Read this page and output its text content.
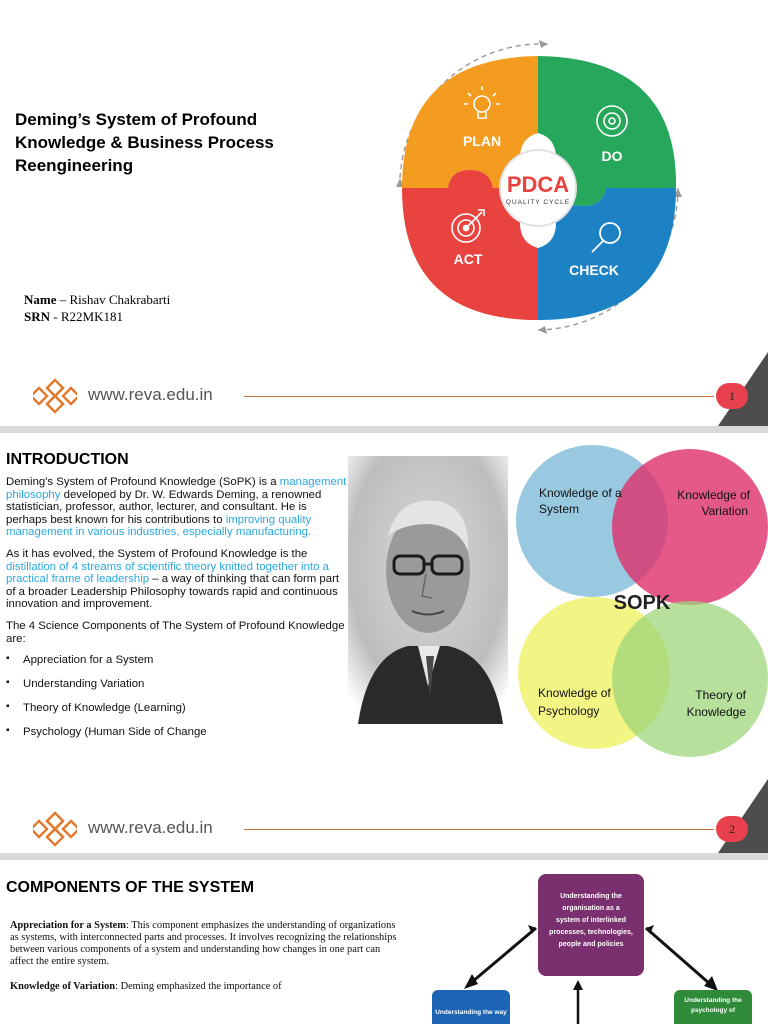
Deming’s System of Profound Knowledge & Business Process Reengineering
PDCA
QUALITY CYCLE
PLAN
DO
ACT
CHECK
Name – Rishav Chakrabarti
SRN - R22MK181
www.reva.edu.in	1
INTRODUCTION

Deming's System of Profound Knowledge (SoPK) is a management philosophy developed by Dr. W. Edwards Deming, a renowned statistician, professor, author, lecturer, and consultant. He is perhaps best known for his contributions to improving quality management in various industries, especially manufacturing.

As it has evolved, the System of Profound Knowledge is the distillation of 4 streams of scientific theory knitted together into a practical frame of leadership – a way of thinking that can form part of a broader Leadership Philosophy towards rapid and continuous innovation and improvement.

The 4 Science Components of The System of Profound Knowledge are:

▪ Appreciation for a System
▪ Understanding Variation
▪ Theory of Knowledge (Learning)
▪ Psychology (Human Side of Change
Knowledge of a
System
Knowledge of
Variation
SOPK
Knowledge of
Psychology
Theory of
Knowledge
www.reva.edu.in	2
COMPONENTS OF THE SYSTEM

Appreciation for a System: This component emphasizes the understanding of organizations as systems, with interconnected parts and processes. It involves recognizing the relationships between various components of a system and understanding how changes in one part can affect the entire system.

Knowledge of Variation: Deming emphasized the importance of

Understanding the
organisation as a
system of interlinked
processes, technologies,
people and policies
Understanding the way
Understanding the
psychology of
